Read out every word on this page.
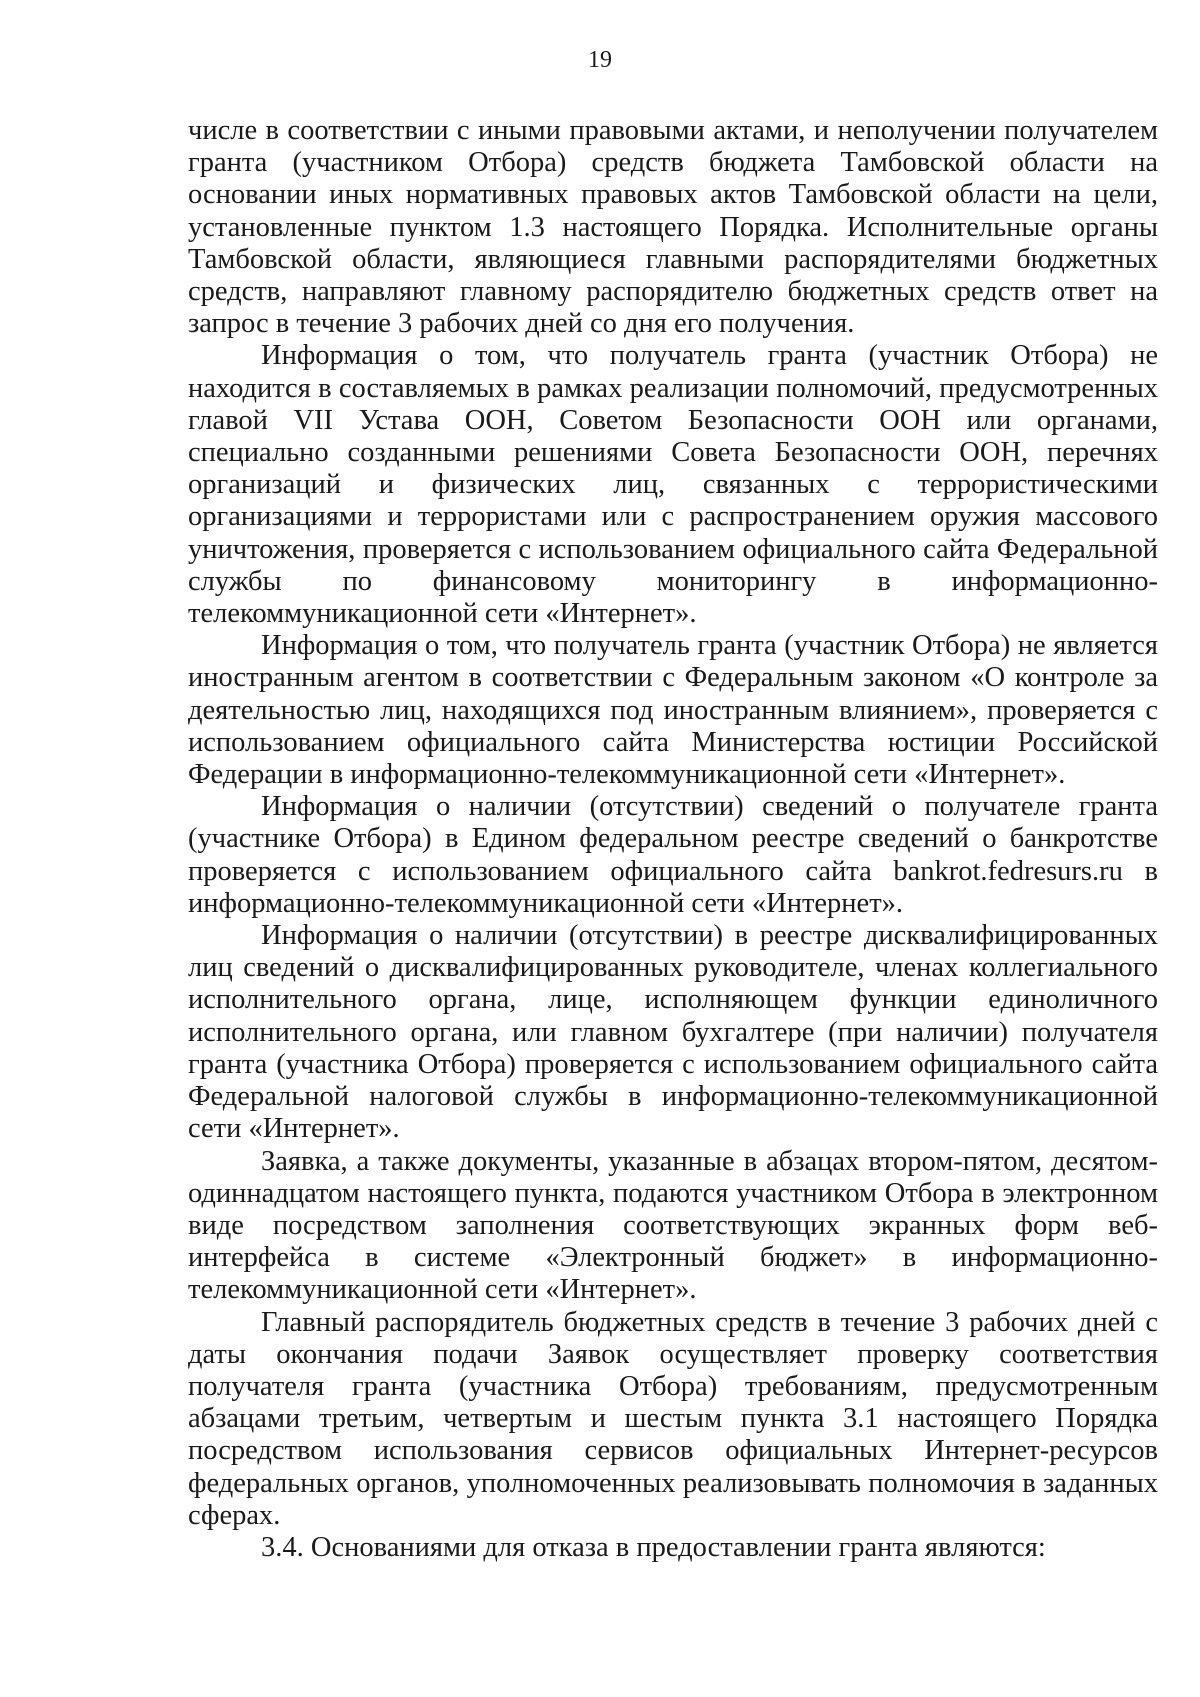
19

числе в соответствии с иными правовыми актами, и неполучении получателем гранта (участником Отбора) средств бюджета Тамбовской области на основании иных нормативных правовых актов Тамбовской области на цели, установленные пунктом 1.3 настоящего Порядка. Исполнительные органы Тамбовской области, являющиеся главными распорядителями бюджетных средств, направляют главному распорядителю бюджетных средств ответ на запрос в течение 3 рабочих дней со дня его получения.

Информация о том, что получатель гранта (участник Отбора) не находится в составляемых в рамках реализации полномочий, предусмотренных главой VII Устава ООН, Советом Безопасности ООН или органами, специально созданными решениями Совета Безопасности ООН, перечнях организаций и физических лиц, связанных с террористическими организациями и террористами или с распространением оружия массового уничтожения, проверяется с использованием официального сайта Федеральной службы по финансовому мониторингу в информационно-телекоммуникационной сети «Интернет».

Информация о том, что получатель гранта (участник Отбора) не является иностранным агентом в соответствии с Федеральным законом «О контроле за деятельностью лиц, находящихся под иностранным влиянием», проверяется с использованием официального сайта Министерства юстиции Российской Федерации в информационно-телекоммуникационной сети «Интернет».

Информация о наличии (отсутствии) сведений о получателе гранта (участнике Отбора) в Едином федеральном реестре сведений о банкротстве проверяется с использованием официального сайта bankrot.fedresurs.ru в информационно-телекоммуникационной сети «Интернет».

Информация о наличии (отсутствии) в реестре дисквалифицированных лиц сведений о дисквалифицированных руководителе, членах коллегиального исполнительного органа, лице, исполняющем функции единоличного исполнительного органа, или главном бухгалтере (при наличии) получателя гранта (участника Отбора) проверяется с использованием официального сайта Федеральной налоговой службы в информационно-телекоммуникационной сети «Интернет».

Заявка, а также документы, указанные в абзацах втором-пятом, десятом-одиннадцатом настоящего пункта, подаются участником Отбора в электронном виде посредством заполнения соответствующих экранных форм веб-интерфейса в системе «Электронный бюджет» в информационно-телекоммуникационной сети «Интернет».

Главный распорядитель бюджетных средств в течение 3 рабочих дней с даты окончания подачи Заявок осуществляет проверку соответствия получателя гранта (участника Отбора) требованиям, предусмотренным абзацами третьим, четвертым и шестым пункта 3.1 настоящего Порядка посредством использования сервисов официальных Интернет-ресурсов федеральных органов, уполномоченных реализовывать полномочия в заданных сферах.

3.4. Основаниями для отказа в предоставлении гранта являются:
